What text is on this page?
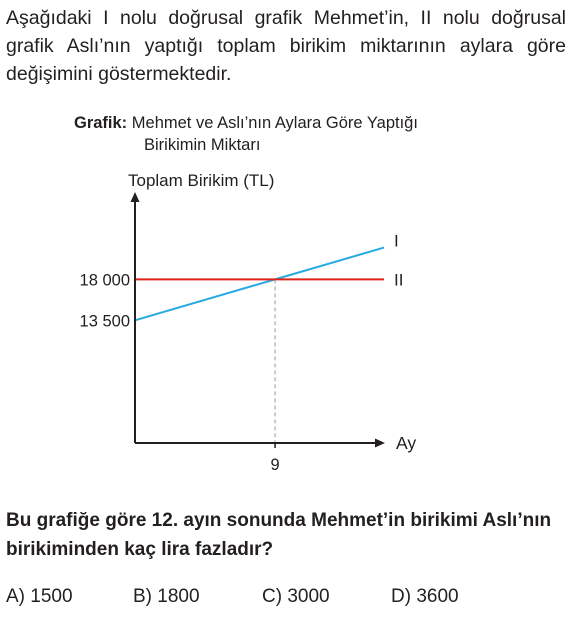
Aşağıdaki I nolu doğrusal grafik Mehmet’in, II nolu doğrusal grafik Aslı’nın yaptığı toplam birikim miktarının aylara göre değişimini göstermektedir.

Grafik: Mehmet ve Aslı’nın Aylara Göre Yaptığı
Birikimin Miktarı
I
II
13 500
18 000
9
Toplam Birikim (TL)
Ay

Bu grafiğe göre 12. ayın sonunda Mehmet’in birikimi Aslı’nın birikiminden kaç lira fazladır?

A) 1500	B) 1800	C) 3000	D) 3600
